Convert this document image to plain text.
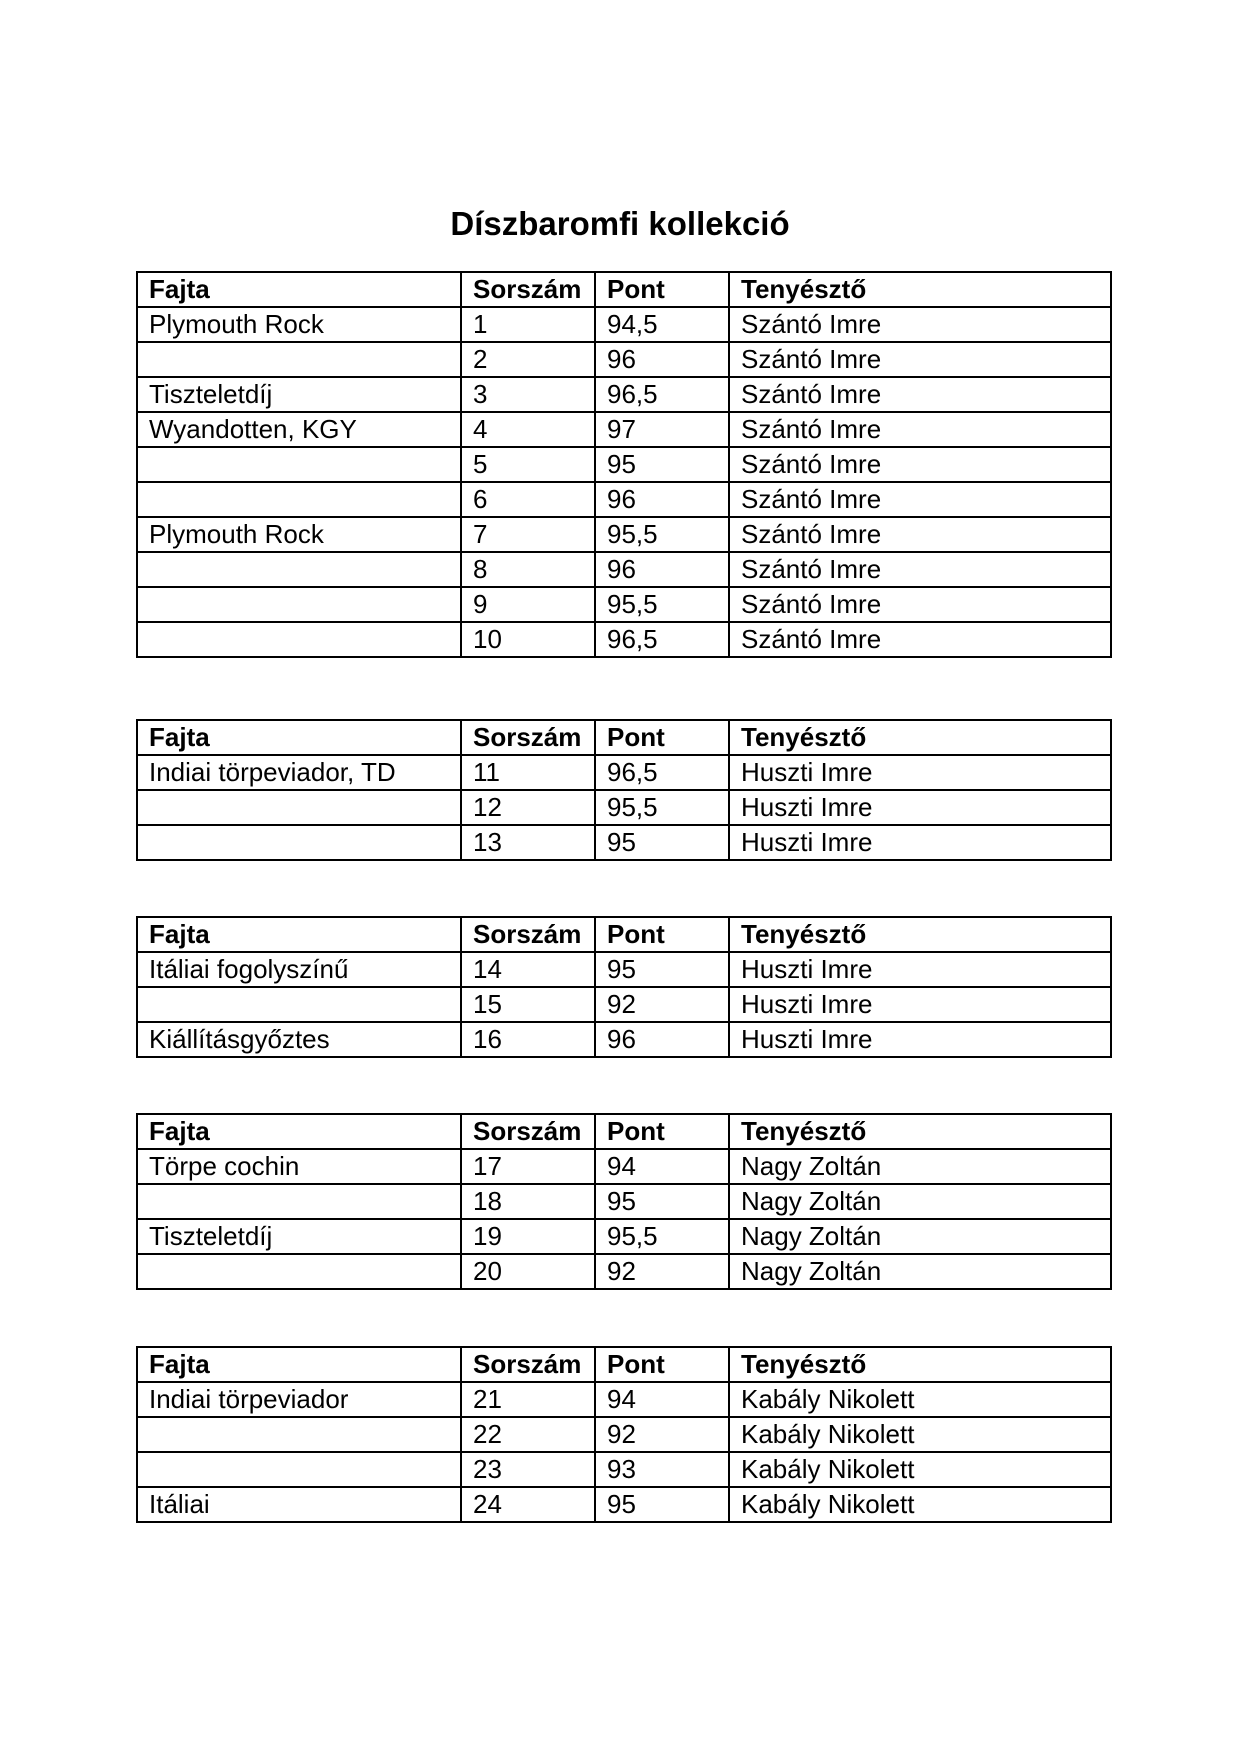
Díszbaromfi kollekció
Fajta	Sorszám	Pont	Tenyésztő
Plymouth Rock	1	94,5	Szántó Imre
	2	96	Szántó Imre
Tiszteletdíj	3	96,5	Szántó Imre
Wyandotten, KGY	4	97	Szántó Imre
	5	95	Szántó Imre
	6	96	Szántó Imre
Plymouth Rock	7	95,5	Szántó Imre
	8	96	Szántó Imre
	9	95,5	Szántó Imre
	10	96,5	Szántó Imre
Fajta	Sorszám	Pont	Tenyésztő
Indiai törpeviador, TD	11	96,5	Huszti Imre
	12	95,5	Huszti Imre
	13	95	Huszti Imre
Fajta	Sorszám	Pont	Tenyésztő
Itáliai fogolyszínű	14	95	Huszti Imre
	15	92	Huszti Imre
Kiállításgyőztes	16	96	Huszti Imre
Fajta	Sorszám	Pont	Tenyésztő
Törpe cochin	17	94	Nagy Zoltán
	18	95	Nagy Zoltán
Tiszteletdíj	19	95,5	Nagy Zoltán
	20	92	Nagy Zoltán
Fajta	Sorszám	Pont	Tenyésztő
Indiai törpeviador	21	94	Kabály Nikolett
	22	92	Kabály Nikolett
	23	93	Kabály Nikolett
Itáliai	24	95	Kabály Nikolett
